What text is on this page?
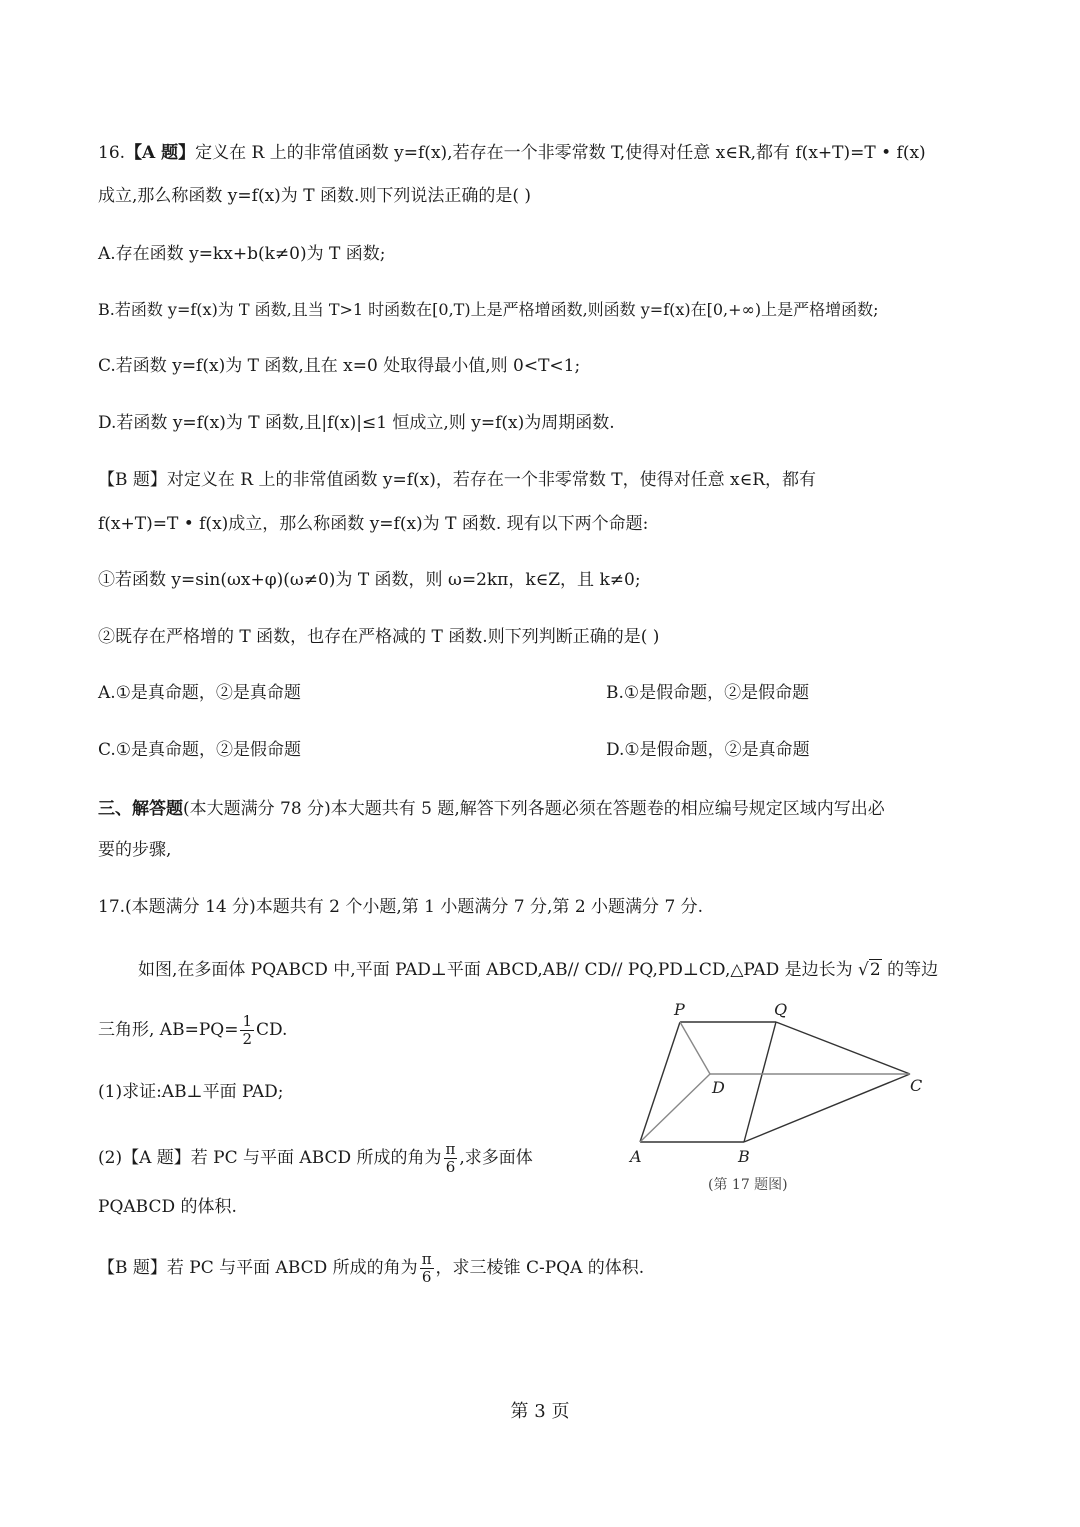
16.【A 题】定义在 R 上的非常值函数 y=f(x),若存在一个非零常数 T,使得对任意 x∈R,都有 f(x+T)=T • f(x)
成立,那么称函数 y=f(x)为 T 函数.则下列说法正确的是( )
A.存在函数 y=kx+b(k≠0)为 T 函数;
B.若函数 y=f(x)为 T 函数,且当 T>1 时函数在[0,T)上是严格增函数,则函数 y=f(x)在[0,+∞)上是严格增函数;
C.若函数 y=f(x)为 T 函数,且在 x=0 处取得最小值,则 0<T<1;
D.若函数 y=f(x)为 T 函数,且|f(x)|≤1 恒成立,则 y=f(x)为周期函数.
【B 题】对定义在 R 上的非常值函数 y=f(x)，若存在一个非零常数 T，使得对任意 x∈R，都有
f(x+T)=T • f(x)成立，那么称函数 y=f(x)为 T 函数. 现有以下两个命题:
①若函数 y=sin(ωx+φ)(ω≠0)为 T 函数，则 ω=2kπ，k∈Z，且 k≠0;
②既存在严格增的 T 函数，也存在严格减的 T 函数.则下列判断正确的是( )
A.①是真命题，②是真命题	B.①是假命题，②是假命题
C.①是真命题，②是假命题	D.①是假命题，②是真命题
三、解答题(本大题满分 78 分)本大题共有 5 题,解答下列各题必须在答题卷的相应编号规定区域内写出必
要的步骤,
17.(本题满分 14 分)本题共有 2 个小题,第 1 小题满分 7 分,第 2 小题满分 7 分.
如图,在多面体 PQABCD 中,平面 PAD⊥平面 ABCD,AB// CD// PQ,PD⊥CD,△PAD 是边长为 √2 的等边
三角形, $AB=PQ= \frac{1}{2}$ CD.
(1)求证:AB⊥平面 PAD;
(2)【A 题】若 PC 与平面 ABCD 所成的角为 $\frac{\pi}{6}$ ,求多面体
PQABCD 的体积.
【B 题】若 PC 与平面 ABCD 所成的角为 $\frac{\pi}{6}$ ，求三棱锥 C-PQA 的体积.
P	Q
D	C
A	B
(第 17 题图)
第 3 页
